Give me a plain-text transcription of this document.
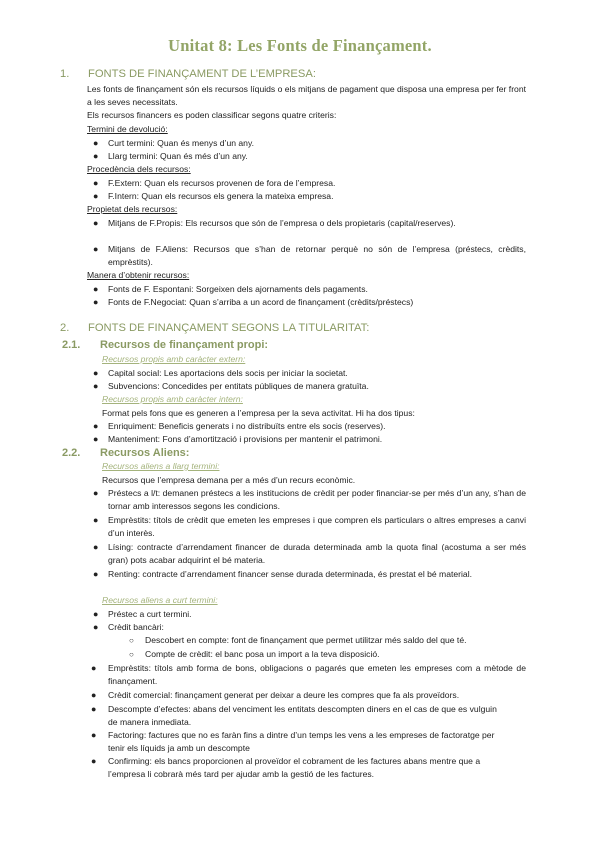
Unitat 8: Les Fonts de Finançament.
1. FONTS DE FINANÇAMENT DE L’EMPRESA:
Les fonts de finançament són els recursos líquids o els mitjans de pagament que disposa una empresa per fer front a les seves necessitats.
Els recursos financers es poden classificar segons quatre criteris:
Termini de devolució:
● Curt termini: Quan és menys d’un any.
● Llarg termini: Quan és més d’un any.
Procedència dels recursos:
● F.Extern: Quan els recursos provenen de fora de l’empresa.
● F.Intern: Quan els recursos els genera la mateixa empresa.
Propietat dels recursos:
● Mitjans de F.Propis: Els recursos que són de l’empresa o dels propietaris (capital/reserves).
● Mitjans de F.Aliens: Recursos que s’han de retornar perquè no són de l’empresa (préstecs, crèdits, emprèstits).
Manera d’obtenir recursos:
● Fonts de F. Espontani: Sorgeixen dels ajornaments dels pagaments.
● Fonts de F.Negociat: Quan s’arriba a un acord de finançament (crèdits/préstecs)
2. FONTS DE FINANÇAMENT SEGONS LA TITULARITAT:
2.1. Recursos de finançament propi:
Recursos propis amb caràcter extern:
● Capital social: Les aportacions dels socis per iniciar la societat.
● Subvencions: Concedides per entitats públiques de manera gratuïta.
Recursos propis amb caràcter intern:
Format pels fons que es generen a l’empresa per la seva activitat. Hi ha dos tipus:
● Enriquiment: Beneficis generats i no distribuïts entre els socis (reserves).
● Manteniment: Fons d’amortització i provisions per mantenir el patrimoni.
2.2. Recursos Aliens:
Recursos aliens a llarg termini:
Recursos que l’empresa demana per a més d’un recurs econòmic.
● Préstecs a l/t: demanen préstecs a les institucions de crèdit per poder financiar-se per més d’un any, s’han de tornar amb interessos segons les condicions.
● Emprèstits: títols de crèdit que emeten les empreses i que compren els particulars o altres empreses a canvi d’un interès.
● Lísing: contracte d’arrendament financer de durada determinada amb la quota final (acostuma a ser més gran) pots acabar adquirint el bé materia.
● Renting: contracte d’arrendament financer sense durada determinada, és prestat el bé material.
Recursos aliens a curt termini:
● Préstec a curt termini.
● Crèdit bancàri:
○ Descobert en compte: font de finançament que permet utilitzar més saldo del que té.
○ Compte de crèdit: el banc posa un import a la teva disposició.
●	Emprèstits: títols amb forma de bons, obligacions o pagarés que emeten les empreses com a mètode de finançament.
●	Crèdit comercial: finançament generat per deixar a deure les compres que fa als proveïdors.
●	Descompte d’efectes: abans del venciment les entitats descompten diners en el cas de que es vulguin de manera inmediata.
●	Factoring: factures que no es faràn fins a dintre d’un temps les vens a les empreses de factoratge per tenir els líquids ja amb un descompte
●	Confirming: els bancs proporcionen al proveïdor el cobrament de les factures abans mentre que a l’empresa li cobrarà més tard per ajudar amb la gestió de les factures.
